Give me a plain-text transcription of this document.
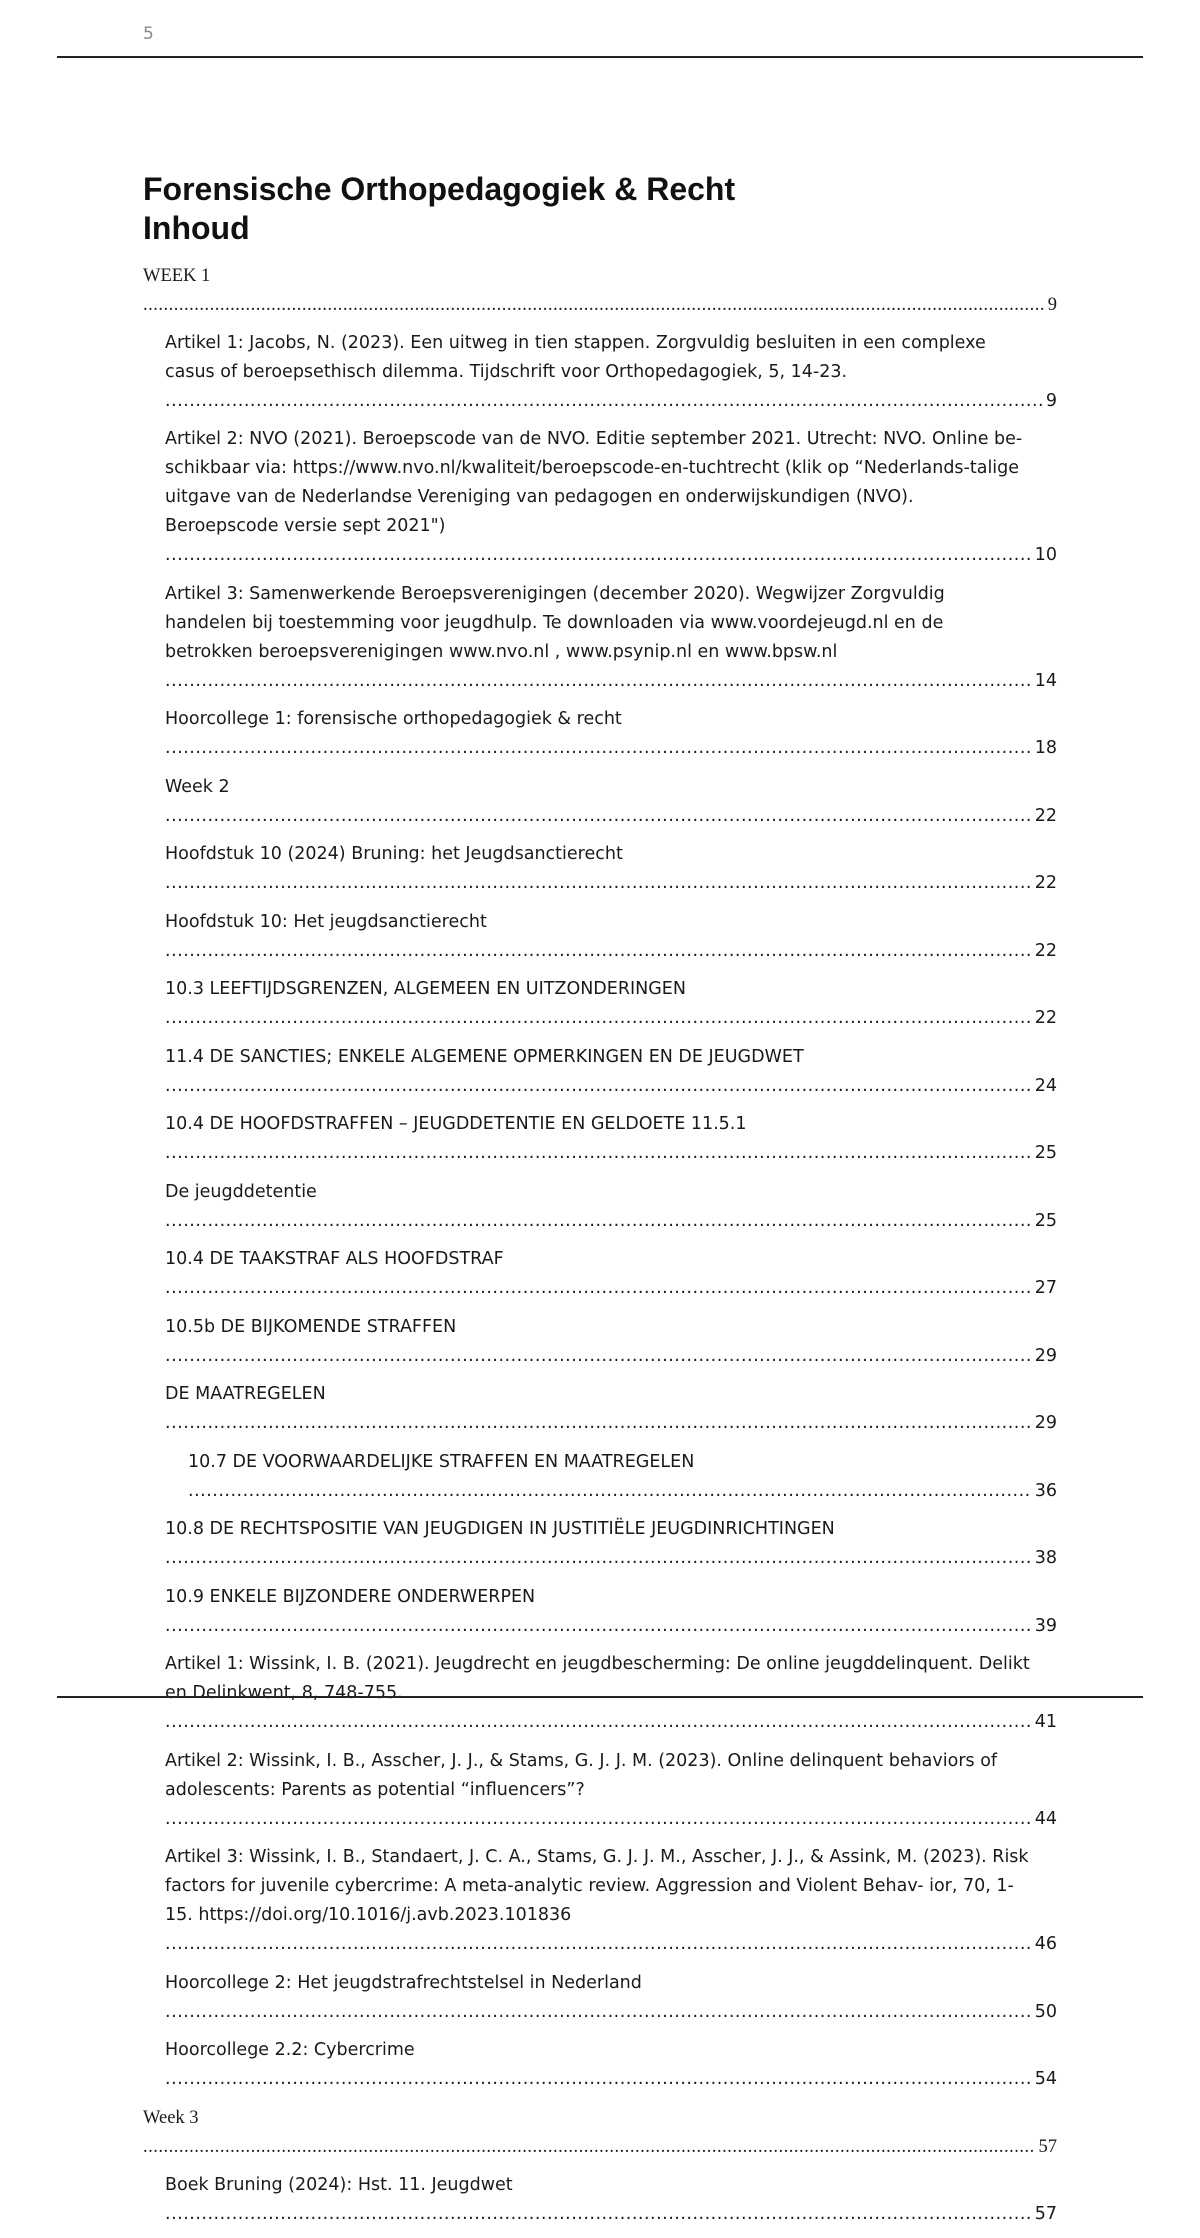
5
Forensische Orthopedagogiek & Recht
Inhoud
WEEK 1 .....
9
Artikel 1: Jacobs, N. (2023). Een uitweg in tien stappen. Zorgvuldig besluiten in een complexe casus of beroepsethisch dilemma. Tijdschrift voor Orthopedagogiek, 5, 14-23. .....
9
Artikel 2: NVO (2021). Beroepscode van de NVO. Editie september 2021. Utrecht: NVO. Online be-schikbaar via: https://www.nvo.nl/kwaliteit/beroepscode-en-tuchtrecht (klik op “Nederlands-talige uitgave van de Nederlandse Vereniging van pedagogen en onderwijskundigen (NVO). Beroepscode versie sept 2021") .....
10
Artikel 3: Samenwerkende Beroepsverenigingen (december 2020). Wegwijzer Zorgvuldig handelen bij toestemming voor jeugdhulp. Te downloaden via www.voordejeugd.nl en de betrokken beroepsverenigingen www.nvo.nl , www.psynip.nl en www.bpsw.nl .....
14
Hoorcollege 1: forensische orthopedagogiek & recht .....
18
Week 2 .....
22
Hoofdstuk 10 (2024) Bruning: het Jeugdsanctierecht .....
22
Hoofdstuk 10: Het jeugdsanctierecht .....
22
10.3 LEEFTIJDSGRENZEN, ALGEMEEN EN UITZONDERINGEN .....
22
11.4 DE SANCTIES; ENKELE ALGEMENE OPMERKINGEN EN DE JEUGDWET .....
24
10.4 DE HOOFDSTRAFFEN – JEUGDDETENTIE EN GELDOETE 11.5.1 .....
25
De jeugddetentie .....
25
10.4 DE TAAKSTRAF ALS HOOFDSTRAF .....
27
10.5b DE BIJKOMENDE STRAFFEN .....
29
DE MAATREGELEN .....
29
10.7 DE VOORWAARDELIJKE STRAFFEN EN MAATREGELEN .....
36
10.8 DE RECHTSPOSITIE VAN JEUGDIGEN IN JUSTITIËLE JEUGDINRICHTINGEN .....
38
10.9 ENKELE BIJZONDERE ONDERWERPEN .....
39
Artikel 1: Wissink, I. B. (2021). Jeugdrecht en jeugdbescherming: De online jeugddelinquent. Delikt en Delinkwent, 8, 748-755. .....
41
Artikel 2: Wissink, I. B., Asscher, J. J., & Stams, G. J. J. M. (2023). Online delinquent behaviors of adolescents: Parents as potential “influencers”? .....
44
Artikel 3: Wissink, I. B., Standaert, J. C. A., Stams, G. J. J. M., Asscher, J. J., & Assink, M. (2023). Risk factors for juvenile cybercrime: A meta-analytic review. Aggression and Violent Behav- ior, 70, 1-15. https://doi.org/10.1016/j.avb.2023.101836 .....
46
Hoorcollege 2: Het jeugdstrafrechtstelsel in Nederland .....
50
Hoorcollege 2.2: Cybercrime .....
54
Week 3 .....
57
Boek Bruning (2024): Hst. 11. Jeugdwet .....
57
